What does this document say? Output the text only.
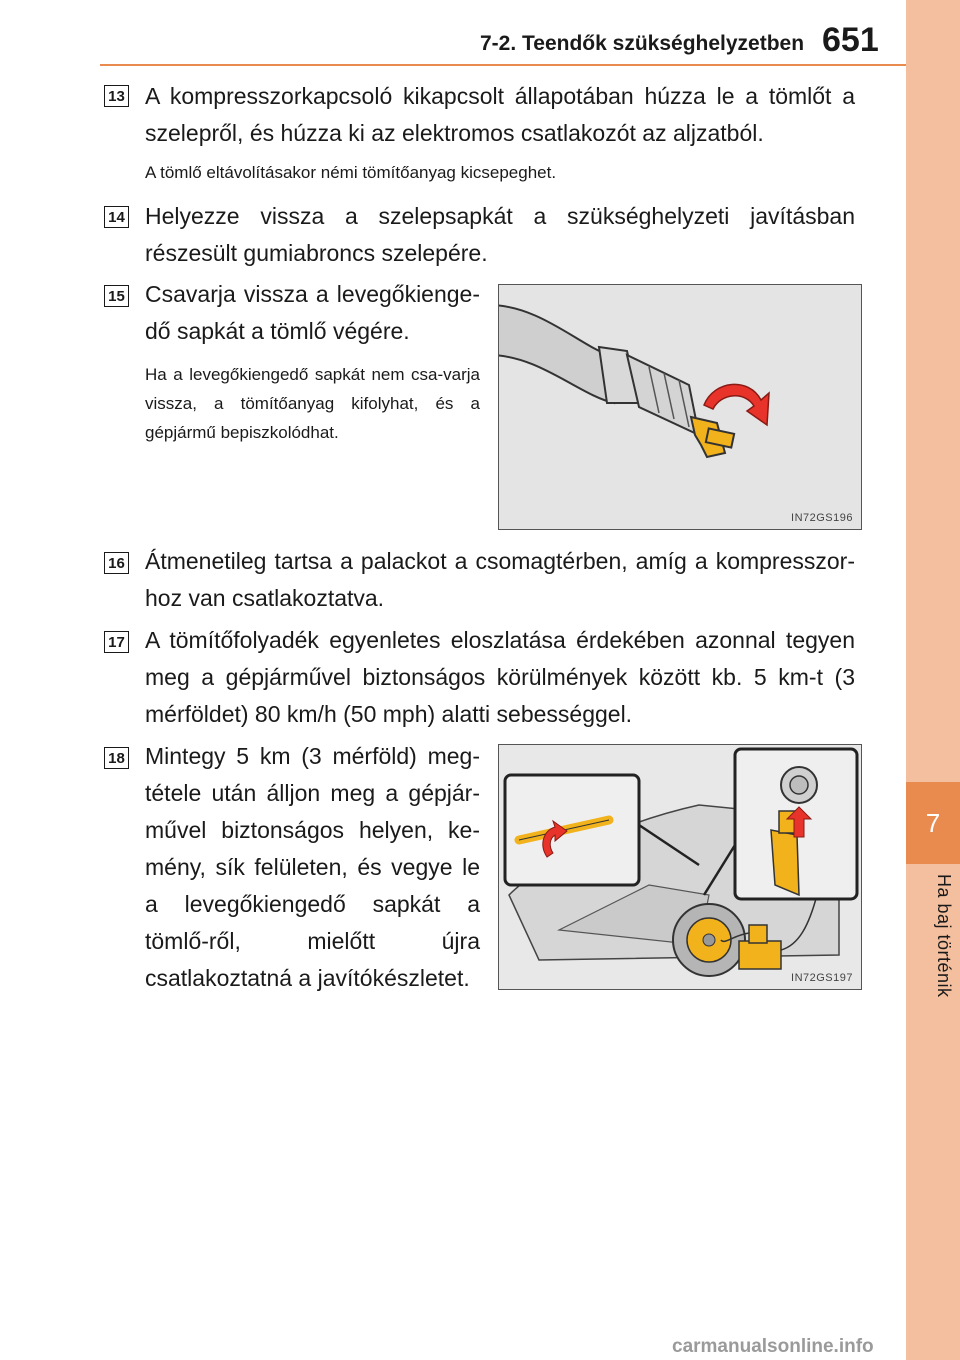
7
Ha baj történik
7-2. Teendők szükséghelyzetben 651
13 A kompresszorkapcsoló kikapcsolt állapotában húzza le a tömlőt a szelepről, és húzza ki az elektromos csatlakozót az aljzatból.
A tömlő eltávolításakor némi tömítőanyag kicsepeghet.
14 Helyezze vissza a szelepsapkát a szükséghelyzeti javításban részesült gumiabroncs szelepére.
15 Csavarja vissza a levegőkienge-dő sapkát a tömlő végére.
Ha a levegőkiengedő sapkát nem csa-varja vissza, a tömítőanyag kifolyhat, és a gépjármű bepiszkolódhat.
IN72GS196
16 Átmenetileg tartsa a palackot a csomagtérben, amíg a kompresszor-hoz van csatlakoztatva.
17 A tömítőfolyadék egyenletes eloszlatása érdekében azonnal tegyen meg a gépjárművel biztonságos körülmények között kb. 5 km-t (3 mérföldet) 80 km/h (50 mph) alatti sebességgel.
18 Mintegy 5 km (3 mérföld) meg-tétele után álljon meg a gépjár-művel biztonságos helyen, ke-mény, sík felületen, és vegye le a levegőkiengedő sapkát a tömlő-ről, mielőtt újra csatlakoztatná a javítókészletet.	IN72GS197
carmanualsonline.info
